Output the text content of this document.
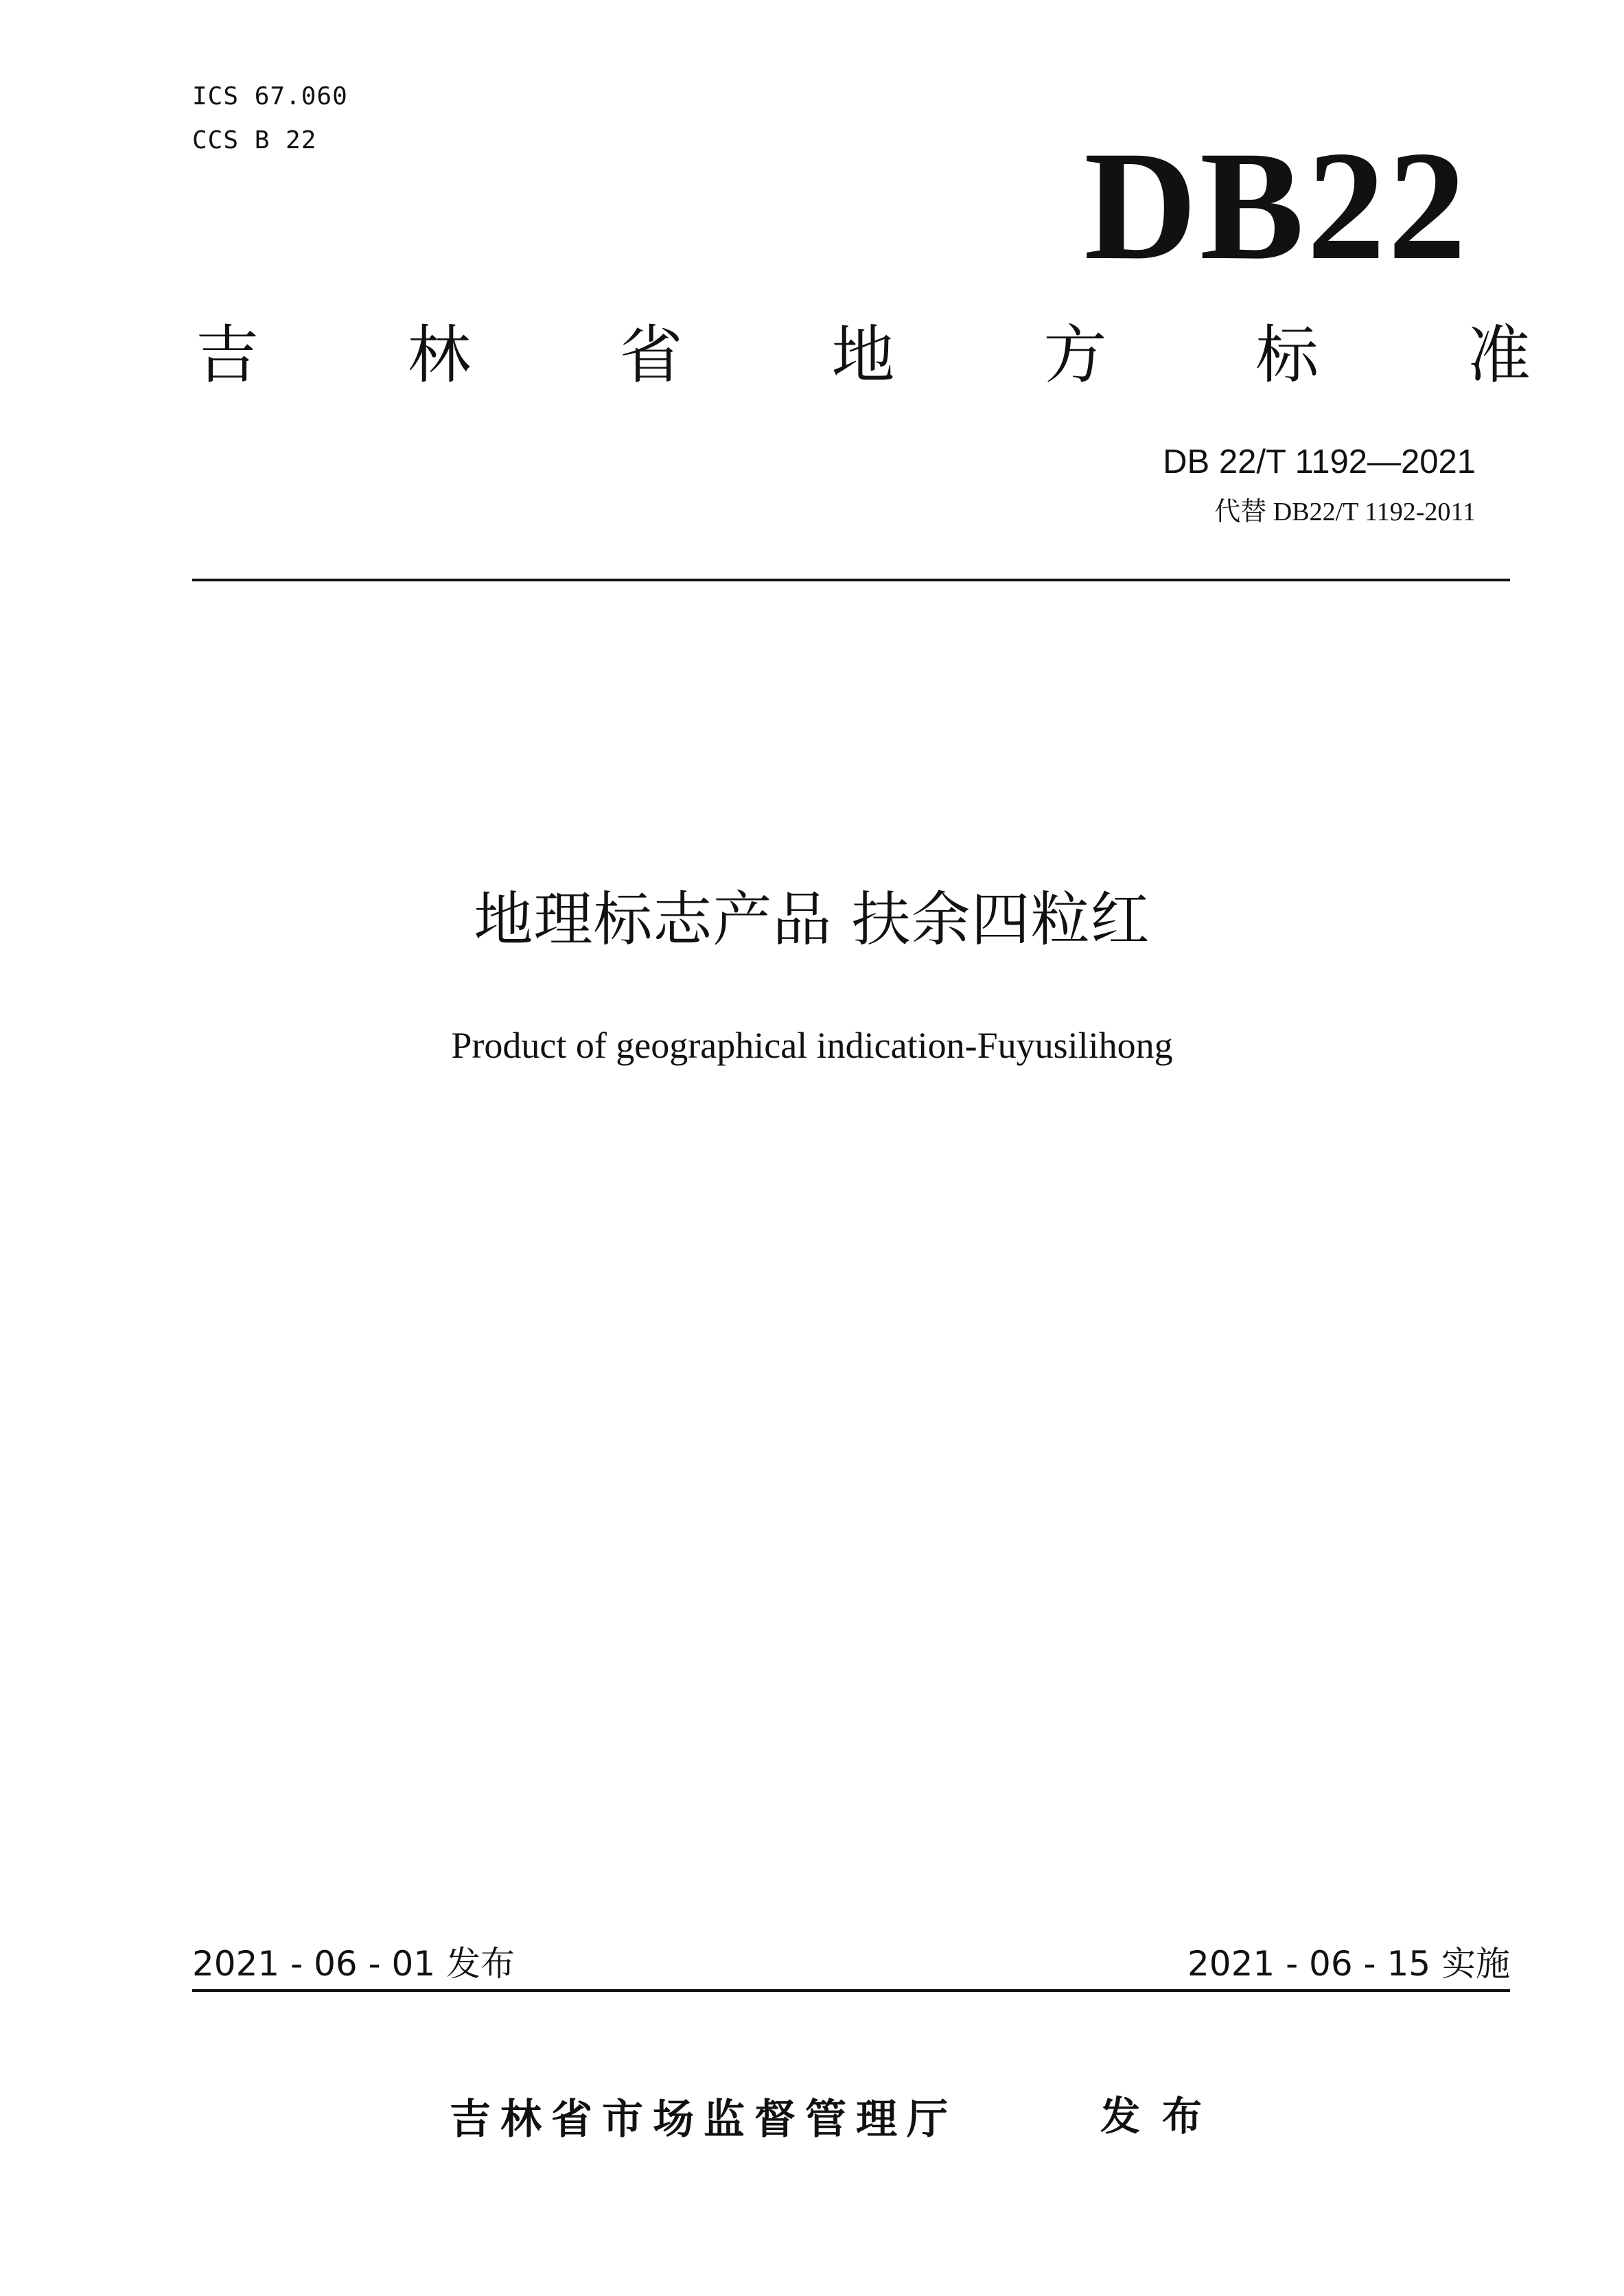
ICS 67.060
CCS B 22	DB22
吉 林 省 地 方 标 准
DB 22/T 1192—2021
代替 DB22/T 1192-2011
地理标志产品 扶余四粒红
Product of geographical indication-Fuyusilihong
2021 - 06 - 01 发布	2021 - 06 - 15 实施
吉林省市场监督管理厅	发布
